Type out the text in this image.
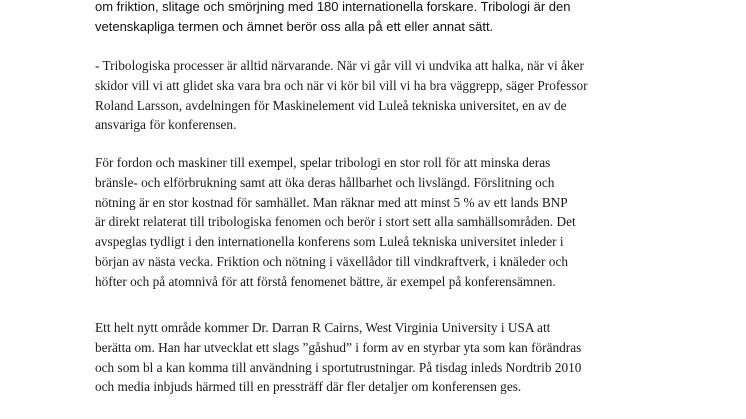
om friktion, slitage och smörjning med 180 internationella forskare. Tribologi är den
vetenskapliga termen och ämnet berör oss alla på ett eller annat sätt.
- Tribologiska processer är alltid närvarande. När vi går vill vi undvika att halka, när vi åker
skidor vill vi att glidet ska vara bra och när vi kör bil vill vi ha bra väggrepp, säger Professor
Roland Larsson, avdelningen för Maskinelement vid Luleå tekniska universitet, en av de
ansvariga för konferensen.
För fordon och maskiner till exempel, spelar tribologi en stor roll för att minska deras
bränsle- och elförbrukning samt att öka deras hållbarhet och livslängd. Förslitning och
nötning är en stor kostnad för samhället. Man räknar med att minst 5 % av ett lands BNP
är direkt relaterat till tribologiska fenomen och berör i stort sett alla samhällsområden. Det
avspeglas tydligt i den internationella konferens som Luleå tekniska universitet inleder i
början av nästa vecka. Friktion och nötning i växellådor till vindkraftverk, i knäleder och
höfter och på atomnivå för att förstå fenomenet bättre, är exempel på konferensämnen.
Ett helt nytt område kommer Dr. Darran R Cairns, West Virginia University i USA att
berätta om. Han har utvecklat ett slags ”gåshud” i form av en styrbar yta som kan förändras
och som bl a kan komma till användning i sportutrustningar. På tisdag inleds Nordtrib 2010
och media inbjuds härmed till en pressträff där fler detaljer om konferensen ges.
